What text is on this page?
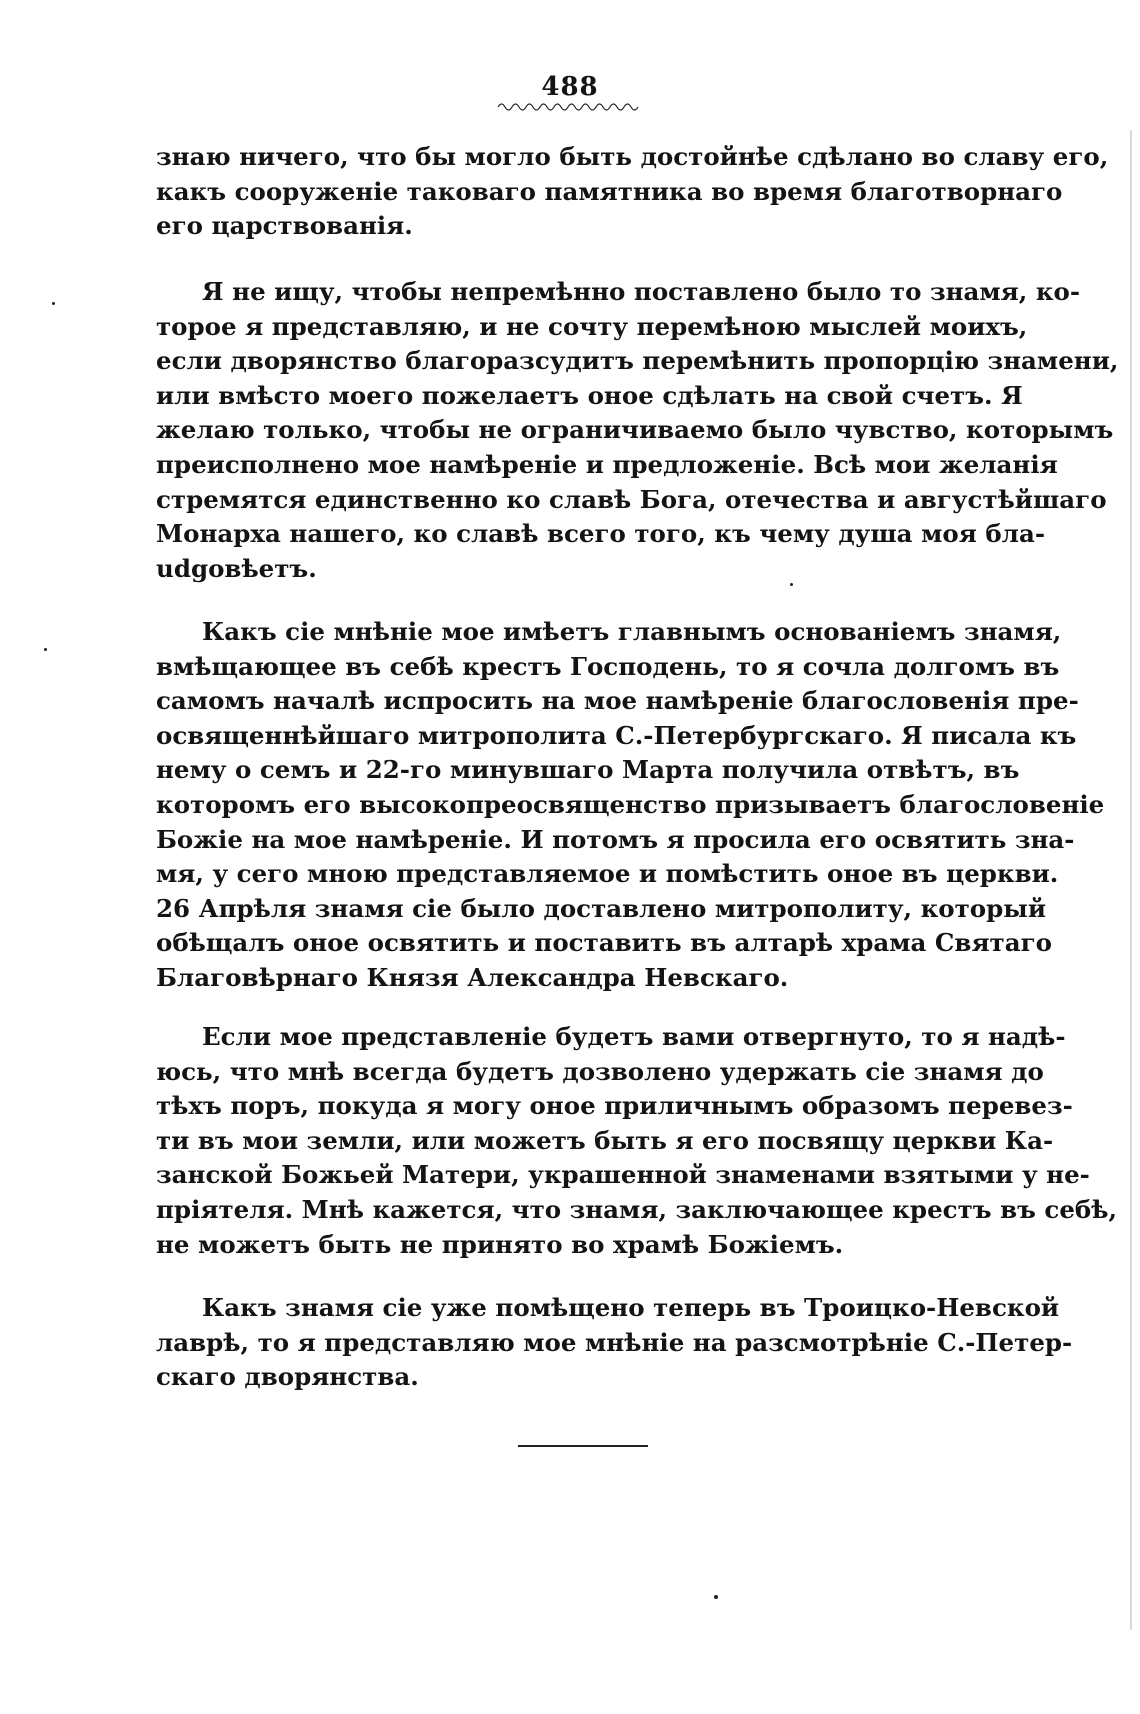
488
знаю ничего, что бы могло быть достойнѣе сдѣлано во славу его,
какъ сооруженіе таковаго памятника во время благотворнаго
его царствованія.
Я не ищу, чтобы непремѣнно поставлено было то знамя, ко-
торое я представляю, и не сочту перемѣною мыслей моихъ,
если дворянство благоразсудитъ перемѣнить пропорцію знамени,
или вмѣсто моего пожелаетъ оное сдѣлать на свой счетъ. Я
желаю только, чтобы не ограничиваемо было чувство, которымъ
преисполнено мое намѣреніе и предложеніе. Всѣ мои желанія
стремятся единственно ко славѣ Бога, отечества и августѣйшаго
Монарха нашего, ко славѣ всего того, къ чему душа моя бла-
udgoвѣетъ.
Какъ сіе мнѣніе мое имѣетъ главнымъ основаніемъ знамя,
вмѣщающее въ себѣ крестъ Господень, то я сочла долгомъ въ
самомъ началѣ испросить на мое намѣреніе благословенія пре-
освященнѣйшаго митрополита С.-Петербургскаго. Я писала къ
нему о семъ и 22-го минувшаго Марта получила отвѣтъ, въ
которомъ его высокопреосвященство призываетъ благословеніе
Божіе на мое намѣреніе. И потомъ я просила его освятить зна-
мя, у сего мною представляемое и помѣстить оное въ церкви.
26 Апрѣля знамя сіе было доставлено митрополиту, который
обѣщалъ оное освятить и поставить въ алтарѣ храма Святаго
Благовѣрнаго Князя Александра Невскаго.
Если мое представленіе будетъ вами отвергнуто, то я надѣ-
юсь, что мнѣ всегда будетъ дозволено удержать сіе знамя до
тѣхъ поръ, покуда я могу оное приличнымъ образомъ перевез-
ти въ мои земли, или можетъ быть я его посвящу церкви Ка-
занской Божьей Матери, украшенной знаменами взятыми у не-
пріятеля. Мнѣ кажется, что знамя, заключающее крестъ въ себѣ,
не можетъ быть не принято во храмѣ Божіемъ.
Какъ знамя сіе уже помѣщено теперь въ Троицко-Невской
лаврѣ, то я представляю мое мнѣніе на разсмотрѣніе С.-Петер-
скаго дворянства.
